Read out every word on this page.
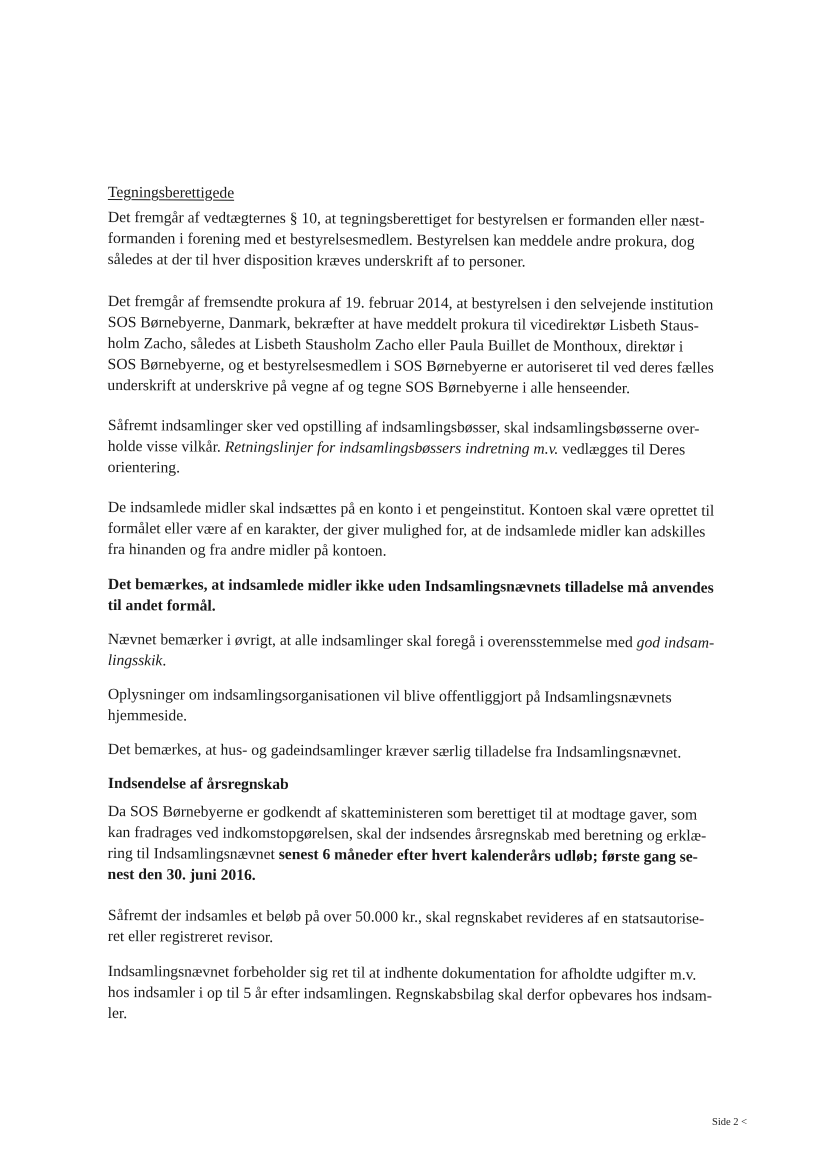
Tegningsberettigede
Det fremgår af vedtægternes § 10, at tegningsberettiget for bestyrelsen er formanden eller næst-
formanden i forening med et bestyrelsesmedlem. Bestyrelsen kan meddele andre prokura, dog
således at der til hver disposition kræves underskrift af to personer.
Det fremgår af fremsendte prokura af 19. februar 2014, at bestyrelsen i den selvejende institution
SOS Børnebyerne, Danmark, bekræfter at have meddelt prokura til vicedirektør Lisbeth Staus-
holm Zacho, således at Lisbeth Stausholm Zacho eller Paula Buillet de Monthoux, direktør i
SOS Børnebyerne, og et bestyrelsesmedlem i SOS Børnebyerne er autoriseret til ved deres fælles
underskrift at underskrive på vegne af og tegne SOS Børnebyerne i alle henseender.
Såfremt indsamlinger sker ved opstilling af indsamlingsbøsser, skal indsamlingsbøsserne over-
holde visse vilkår. Retningslinjer for indsamlingsbøssers indretning m.v. vedlægges til Deres
orientering.
De indsamlede midler skal indsættes på en konto i et pengeinstitut. Kontoen skal være oprettet til
formålet eller være af en karakter, der giver mulighed for, at de indsamlede midler kan adskilles
fra hinanden og fra andre midler på kontoen.
Det bemærkes, at indsamlede midler ikke uden Indsamlingsnævnets tilladelse må anvendes
til andet formål.
Nævnet bemærker i øvrigt, at alle indsamlinger skal foregå i overensstemmelse med god indsam-
lingsskik.
Oplysninger om indsamlingsorganisationen vil blive offentliggjort på Indsamlingsnævnets
hjemmeside.
Det bemærkes, at hus- og gadeindsamlinger kræver særlig tilladelse fra Indsamlingsnævnet.
Indsendelse af årsregnskab
Da SOS Børnebyerne er godkendt af skatteministeren som berettiget til at modtage gaver, som
kan fradrages ved indkomstopgørelsen, skal der indsendes årsregnskab med beretning og erklæ-
ring til Indsamlingsnævnet senest 6 måneder efter hvert kalenderårs udløb; første gang se-
nest den 30. juni 2016.
Såfremt der indsamles et beløb på over 50.000 kr., skal regnskabet revideres af en statsautorise-
ret eller registreret revisor.
Indsamlingsnævnet forbeholder sig ret til at indhente dokumentation for afholdte udgifter m.v.
hos indsamler i op til 5 år efter indsamlingen. Regnskabsbilag skal derfor opbevares hos indsam-
ler.
Side 2 <
